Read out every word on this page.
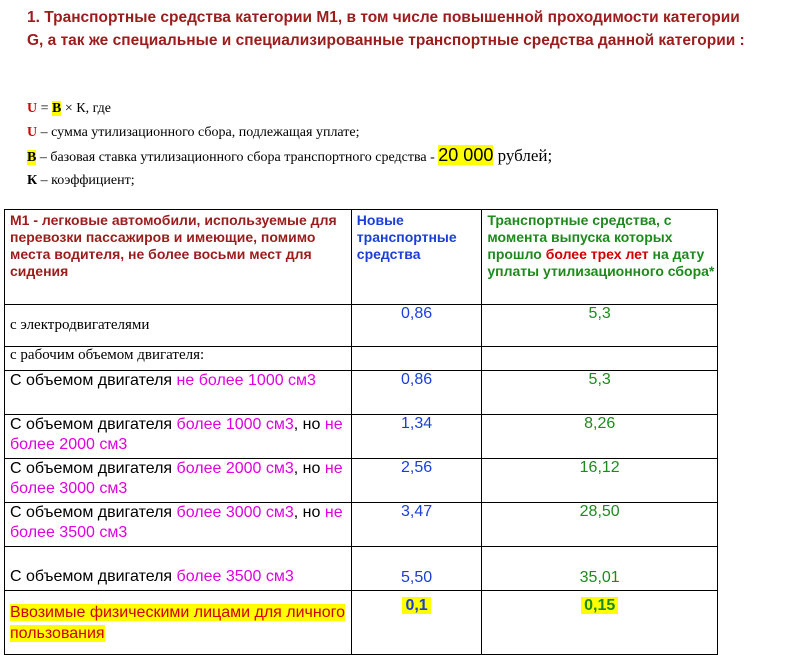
1. Транспортные средства категории М1, в том числе повышенной проходимости категории G, а так же специальные и специализированные транспортные средства данной категории :
U = B × К, где
U – сумма утилизационного сбора, подлежащая уплате;
B – базовая ставка утилизационного сбора транспортного средства - 20 000 рублей;
К – коэффициент;
М1 - легковые автомобили, используемые для перевозки пассажиров и имеющие, помимо места водителя, не более восьми мест для сидения	Новые транспортные средства	Транспортные средства, с момента выпуска которых прошло более трех лет на дату уплаты утилизационного сбора*
с электродвигателями	0,86	5,3
с рабочим объемом двигателя:		
С объемом двигателя не более 1000 см3	0,86	5,3
С объемом двигателя более 1000 см3, но не более 2000 см3	1,34	8,26
С объемом двигателя более 2000 см3, но не более 3000 см3	2,56	16,12
С объемом двигателя более 3000 см3, но не более 3500 см3	3,47	28,50
С объемом двигателя более 3500 см3	5,50	35,01
Ввозимые физическими лицами для личного пользования	0,1	0,15
